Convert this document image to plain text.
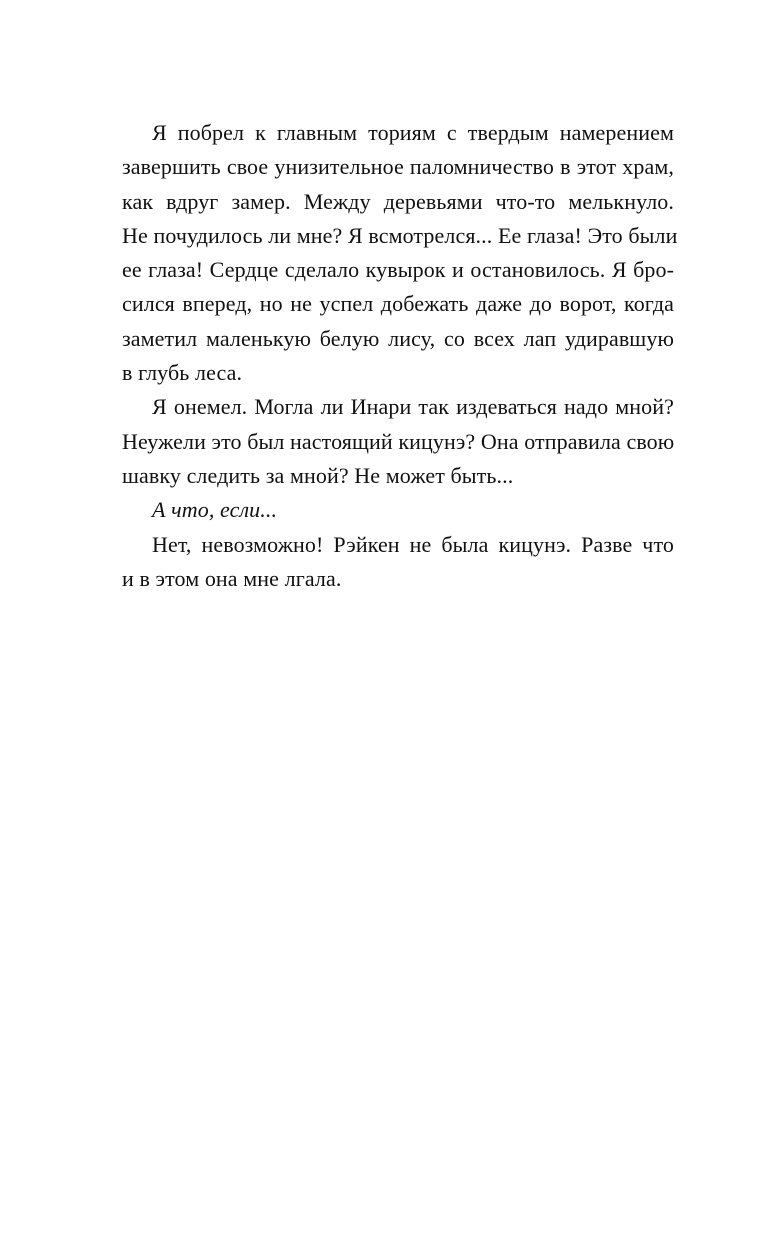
Я побрел к главным ториям с твердым намерением
завершить свое унизительное паломничество в этот храм,
как вдруг замер. Между деревьями что-то мелькнуло.
Не почудилось ли мне? Я всмотрелся... Ее глаза! Это были
ее глаза! Сердце сделало кувырок и остановилось. Я бро-
сился вперед, но не успел добежать даже до ворот, когда
заметил маленькую белую лису, со всех лап удиравшую
в глубь леса.
Я онемел. Могла ли Инари так издеваться надо мной?
Неужели это был настоящий кицунэ? Она отправила свою
шавку следить за мной? Не может быть...
А что, если...
Нет, невозможно! Рэйкен не была кицунэ. Разве что
и в этом она мне лгала.
